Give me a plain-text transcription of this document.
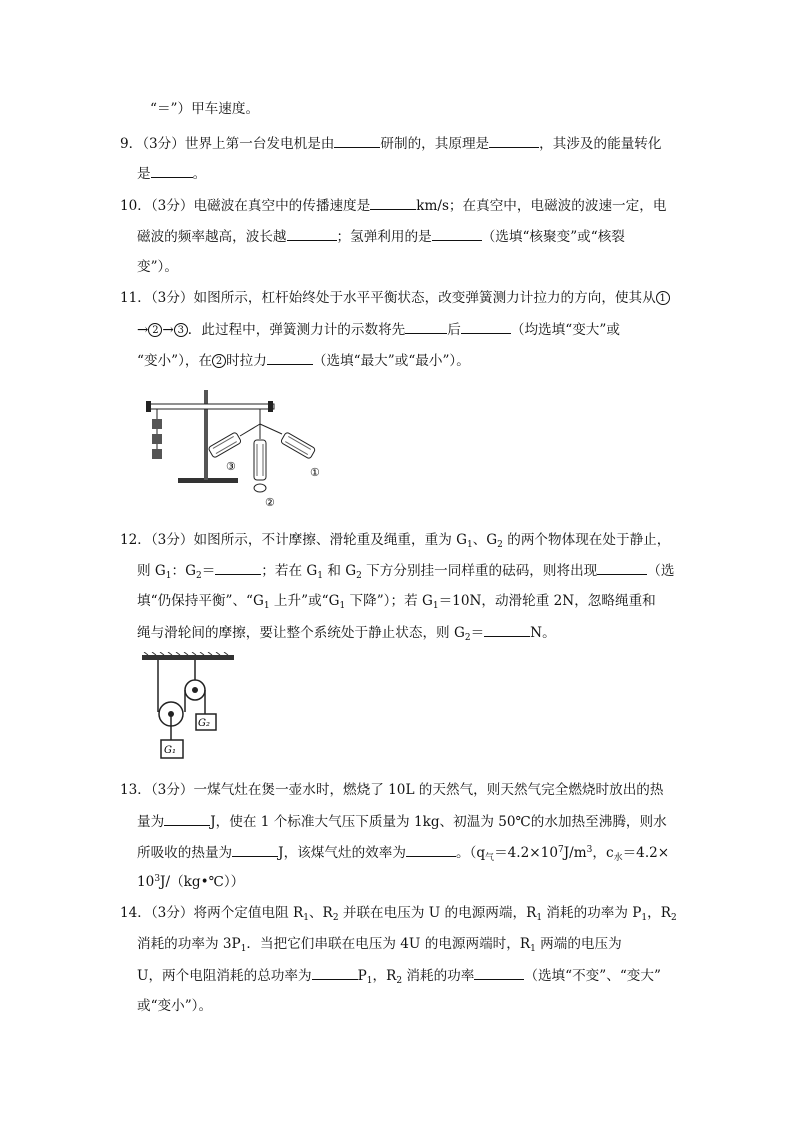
“＝”）甲车速度。
9．（3分）世界上第一台发电机是由	研制的，其原理是	，其涉及的能量转化
是	。
10．（3分）电磁波在真空中的传播速度是	km/s；在真空中，电磁波的波速一定，电
磁波的频率越高，波长越	；氢弹利用的是	（选填“核聚变”或“核裂
变”）。
11．（3分）如图所示，杠杆始终处于水平平衡状态，改变弹簧测力计拉力的方向，使其从 1
→ 2 → 3 ．此过程中，弹簧测力计的示数将先	后	（均选填“变大”或
“变小”），在 2 时拉力	（选填“最大”或“最小”）。
③
②
①
12．（3分）如图所示，不计摩擦、滑轮重及绳重，重为 $G_1$、$G_2$ 的两个物体现在处于静止，
则 $G_1$：$G_2=$	；若在 $G_1$ 和 $G_2$ 下方分别挂一同样重的砝码，则将出现	（选
填“仍保持平衡”、“$G_1$ 上升”或“$G_1$ 下降”）；若 $G_1=10N$，动滑轮重 2N，忽略绳重和
绳与滑轮间的摩擦，要让整个系统处于静止状态，则 $G_2=$	N。
G₂
G₁
13．（3分）一煤气灶在煲一壶水时，燃烧了 10L 的天然气，则天然气完全燃烧时放出的热
量为	J，使在 1 个标准大气压下质量为 1kg、初温为 50℃的水加热至沸腾，则水
所吸收的热量为	J，该煤气灶的效率为	。（$q_气=4.2\times 10^7J/m^3$，$c_水=4.2\times$
$10^3J/(kg•℃)$）
14．（3分）将两个定值电阻 $R_1$、$R_2$ 并联在电压为 U 的电源两端，$R_1$ 消耗的功率为 $P_1$，$R_2$
消耗的功率为 $3P_1$．当把它们串联在电压为 4U 的电源两端时，$R_1$ 两端的电压为
U，两个电阻消耗的总功率为	$P_1$，$R_2$ 消耗的功率	（选填“不变”、“变大”
或“变小”）。
